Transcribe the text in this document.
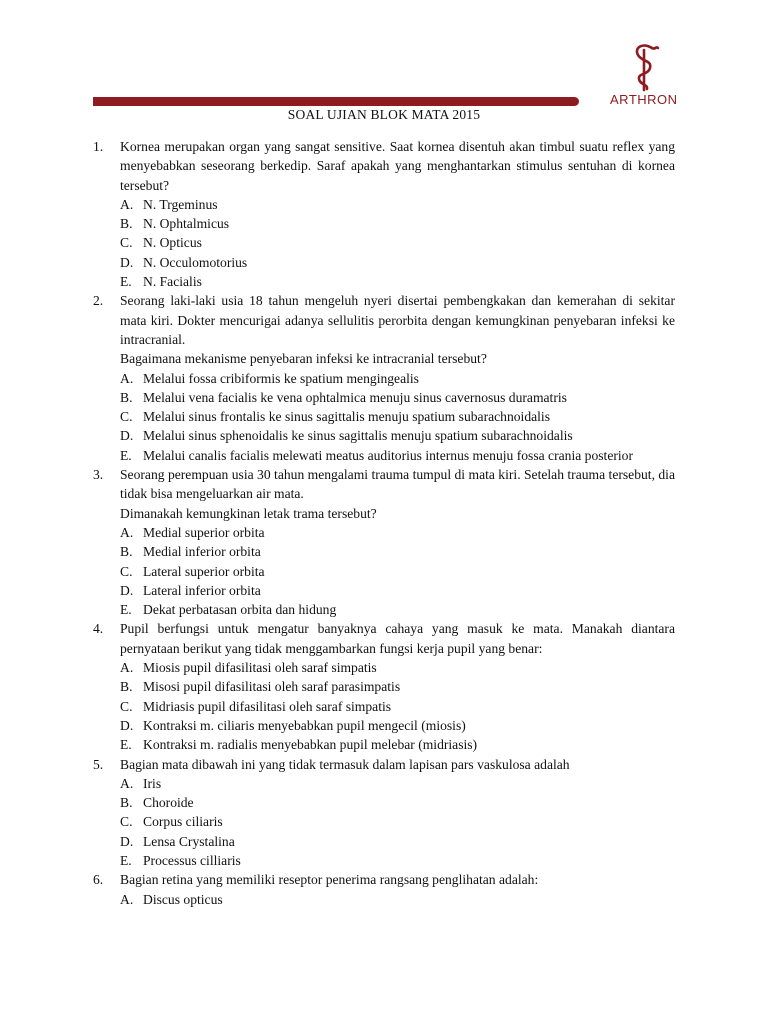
ARTHRON
SOAL UJIAN BLOK MATA 2015
1. Kornea merupakan organ yang sangat sensitive. Saat kornea disentuh akan timbul suatu reflex yang menyebabkan seseorang berkedip. Saraf apakah yang menghantarkan stimulus sentuhan di kornea tersebut?

A. N. Trgeminus
B. N. Ophtalmicus
C. N. Opticus
D. N. Occulomotorius
E. N. Facialis
2. Seorang laki-laki usia 18 tahun mengeluh nyeri disertai pembengkakan dan kemerahan di sekitar mata kiri. Dokter mencurigai adanya sellulitis perorbita dengan kemungkinan penyebaran infeksi ke intracranial.

Bagaimana mekanisme penyebaran infeksi ke intracranial tersebut?

A. Melalui fossa cribiformis ke spatium mengingealis
B. Melalui vena facialis ke vena ophtalmica menuju sinus cavernosus duramatris
C. Melalui sinus frontalis ke sinus sagittalis menuju spatium subarachnoidalis
D. Melalui sinus sphenoidalis ke sinus sagittalis menuju spatium subarachnoidalis
E. Melalui canalis facialis melewati meatus auditorius internus menuju fossa crania posterior
3. Seorang perempuan usia 30 tahun mengalami trauma tumpul di mata kiri. Setelah trauma tersebut, dia tidak bisa mengeluarkan air mata.

Dimanakah kemungkinan letak trama tersebut?

A. Medial superior orbita
B. Medial inferior orbita
C. Lateral superior orbita
D. Lateral inferior orbita
E. Dekat perbatasan orbita dan hidung
4. Pupil berfungsi untuk mengatur banyaknya cahaya yang masuk ke mata. Manakah diantara pernyataan berikut yang tidak menggambarkan fungsi kerja pupil yang benar:

A. Miosis pupil difasilitasi oleh saraf simpatis
B. Misosi pupil difasilitasi oleh saraf parasimpatis
C. Midriasis pupil difasilitasi oleh saraf simpatis
D. Kontraksi m. ciliaris menyebabkan pupil mengecil (miosis)
E. Kontraksi m. radialis menyebabkan pupil melebar (midriasis)
5. Bagian mata dibawah ini yang tidak termasuk dalam lapisan pars vaskulosa adalah

A. Iris
B. Choroide
C. Corpus ciliaris
D. Lensa Crystalina
E. Processus cilliaris
6. Bagian retina yang memiliki reseptor penerima rangsang penglihatan adalah:

A. Discus opticus
